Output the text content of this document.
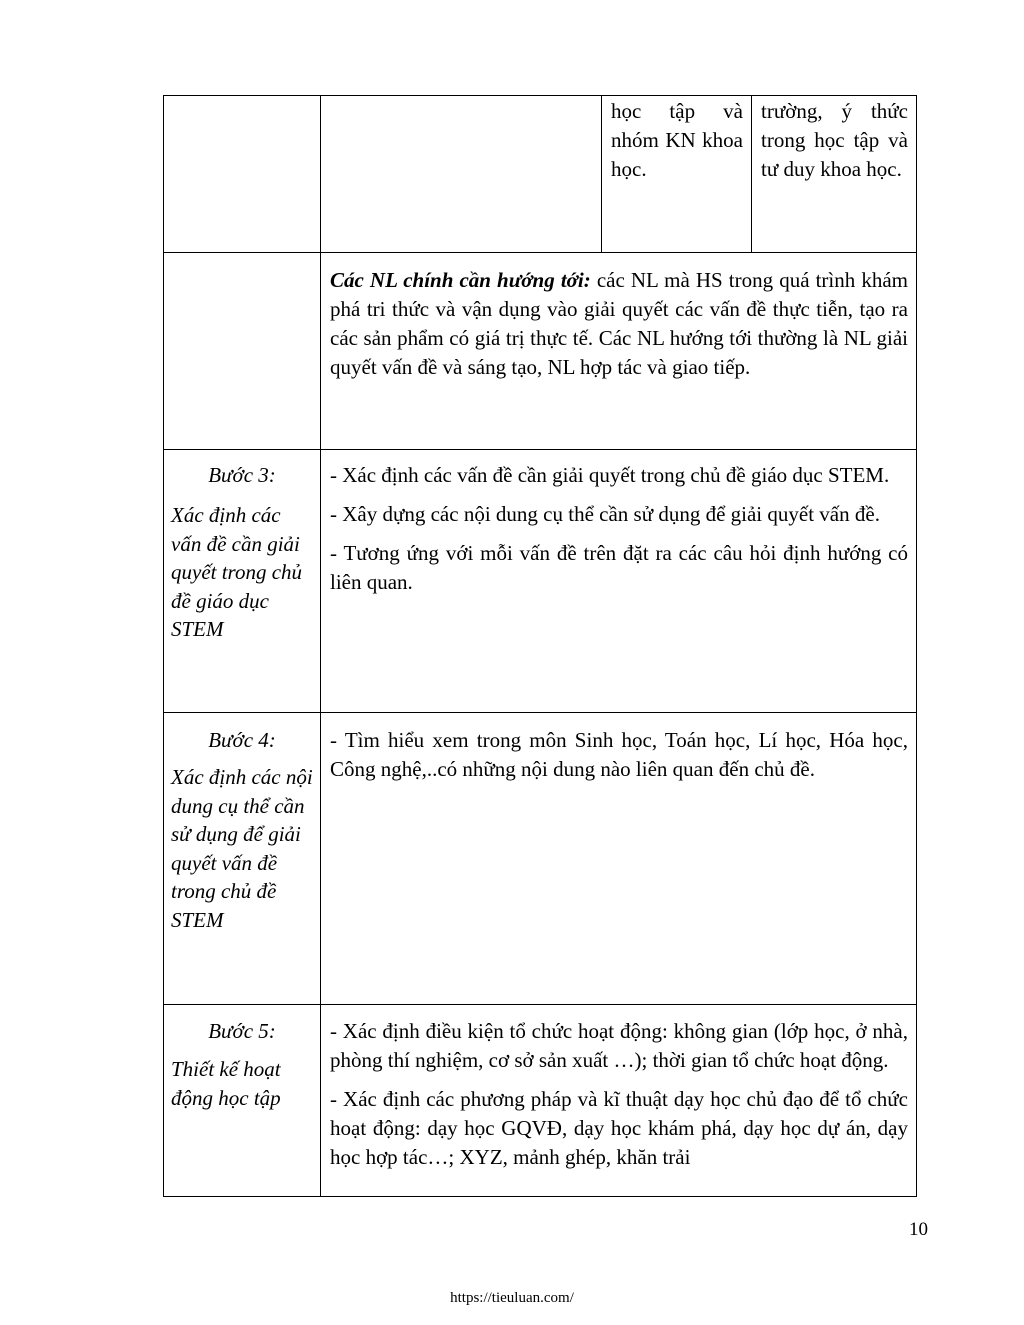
học tập và nhóm KN khoa học.

trường, ý thức trong học tập và tư duy khoa học.

Các NL chính cần hướng tới: các NL mà HS trong quá trình khám phá tri thức và vận dụng vào giải quyết các vấn đề thực tiễn, tạo ra các sản phẩm có giá trị thực tế. Các NL hướng tới thường là NL giải quyết vấn đề và sáng tạo, NL hợp tác và giao tiếp.

Bước 3:

Xác định các vấn đề cần giải quyết trong chủ đề giáo dục STEM

- Xác định các vấn đề cần giải quyết trong chủ đề giáo dục STEM.

- Xây dựng các nội dung cụ thể cần sử dụng để giải quyết vấn đề.

- Tương ứng với mỗi vấn đề trên đặt ra các câu hỏi định hướng có liên quan.

Bước 4:

Xác định các nội dung cụ thể cần sử dụng để giải quyết vấn đề trong chủ đề STEM

- Tìm hiểu xem trong môn Sinh học, Toán học, Lí học, Hóa học, Công nghệ,..có những nội dung nào liên quan đến chủ đề.

Bước 5:

Thiết kế hoạt động học tập

- Xác định điều kiện tổ chức hoạt động: không gian (lớp học, ở nhà, phòng thí nghiệm, cơ sở sản xuất …); thời gian tổ chức hoạt động.

- Xác định các phương pháp và kĩ thuật dạy học chủ đạo để tổ chức hoạt động: dạy học GQVĐ, dạy học khám phá, dạy học dự án, dạy học hợp tác…; XYZ, mảnh ghép, khăn trải

10
https://tieuluan.com/
